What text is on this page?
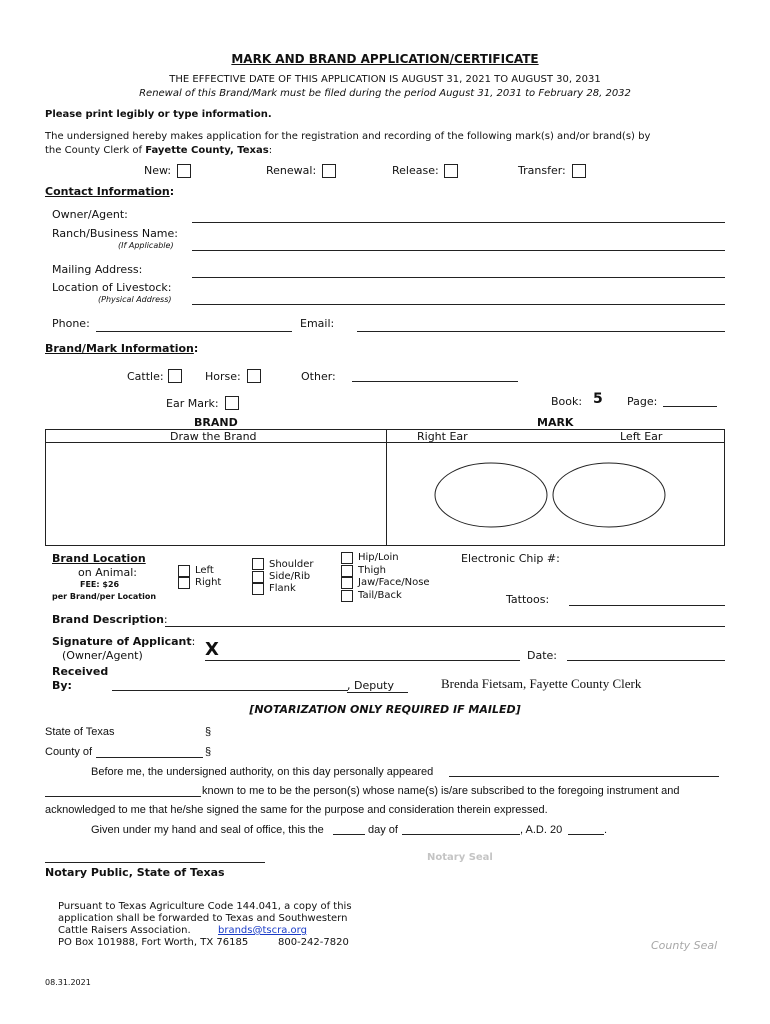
MARK AND BRAND APPLICATION/CERTIFICATE
THE EFFECTIVE DATE OF THIS APPLICATION IS AUGUST 31, 2021 TO AUGUST 30, 2031
Renewal of this Brand/Mark must be filed during the period August 31, 2031 to February 28, 2032
Please print legibly or type information.
The undersigned hereby makes application for the registration and recording of the following mark(s) and/or brand(s) by
the County Clerk of Fayette County, Texas:
New:	Renewal:	Release:	Transfer:
Contact Information:
Owner/Agent:
Ranch/Business Name:
(If Applicable)
Mailing Address:
Location of Livestock:
(Physical Address)
Phone:	Email:
Brand/Mark Information:
Cattle:	Horse:	Other:
Ear Mark:	Book: 5 Page:
BRAND	MARK
Draw the Brand	Right Ear	Left Ear
Brand Location
on Animal:
FEE: $26
per Brand/per Location
Left
Right
Shoulder
Side/Rib
Flank
Hip/Loin
Thigh
Jaw/Face/Nose
Tail/Back
Electronic Chip #:
Tattoos:
Brand Description:
Signature of Applicant:
(Owner/Agent)	X	Date:
Received
By:	, Deputy	Brenda Fietsam, Fayette County Clerk
[NOTARIZATION ONLY REQUIRED IF MAILED]
State of Texas	§
County of	§
Before me, the undersigned authority, on this day personally appeared
known to me to be the person(s) whose name(s) is/are subscribed to the foregoing instrument and
acknowledged to me that he/she signed the same for the purpose and consideration therein expressed.
Given under my hand and seal of office, this the	day of	, A.D. 20	.
Notary Seal
Notary Public, State of Texas
Pursuant to Texas Agriculture Code 144.041, a copy of this
application shall be forwarded to Texas and Southwestern
Cattle Raisers Association.	brands@tscra.org
PO Box 101988, Fort Worth, TX 76185	800-242-7820	County Seal
08.31.2021
